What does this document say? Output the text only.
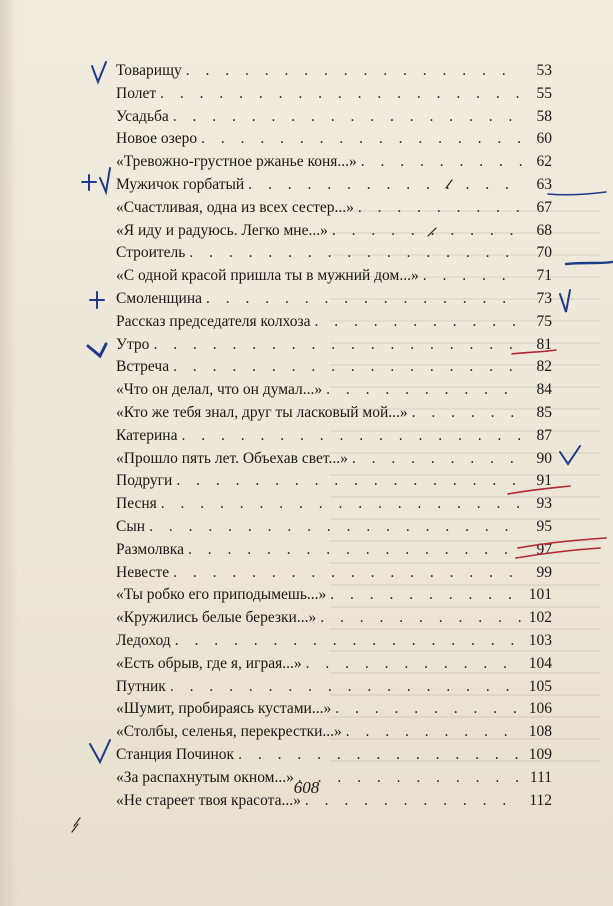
Товарищу . . .	53
Полет . . .	55
Усадьба . . .	58
Новое озеро . . .	60
«Тревожно-грустное ржанье коня...» . . .	62
Мужичок горбатый . . .	63
«Счастливая, одна из всех сестер...» . . .	67
«Я иду и радуюсь. Легко мне...» . . .	68
Строитель . . .	70
«С одной красой пришла ты в мужний дом...» . . .	71
Смоленщина . . .	73
Рассказ председателя колхоза . . .	75
Утро . . .	81
Встреча . . .	82
«Что он делал, что он думал...» . . .	84
«Кто же тебя знал, друг ты ласковый мой...» . . .	85
Катерина . . .	87
«Прошло пять лет. Объехав свет...» . . .	90
Подруги . . .	91
Песня . . .	93
Сын . . .	95
Размолвка . . .	97
Невесте . . .	99
«Ты робко его приподымешь...» . . .	101
«Кружились белые березки...» . . .	102
Ледоход . . .	103
«Есть обрыв, где я, играя...» . . .	104
Путник . . .	105
«Шумит, пробираясь кустами...» . . .	106
«Столбы, селенья, перекрестки...» . . .	108
Станция Починок . . .	109
«За распахнутым окном...» . . .	111
«Не стареет твоя красота...» . . .	112
608
